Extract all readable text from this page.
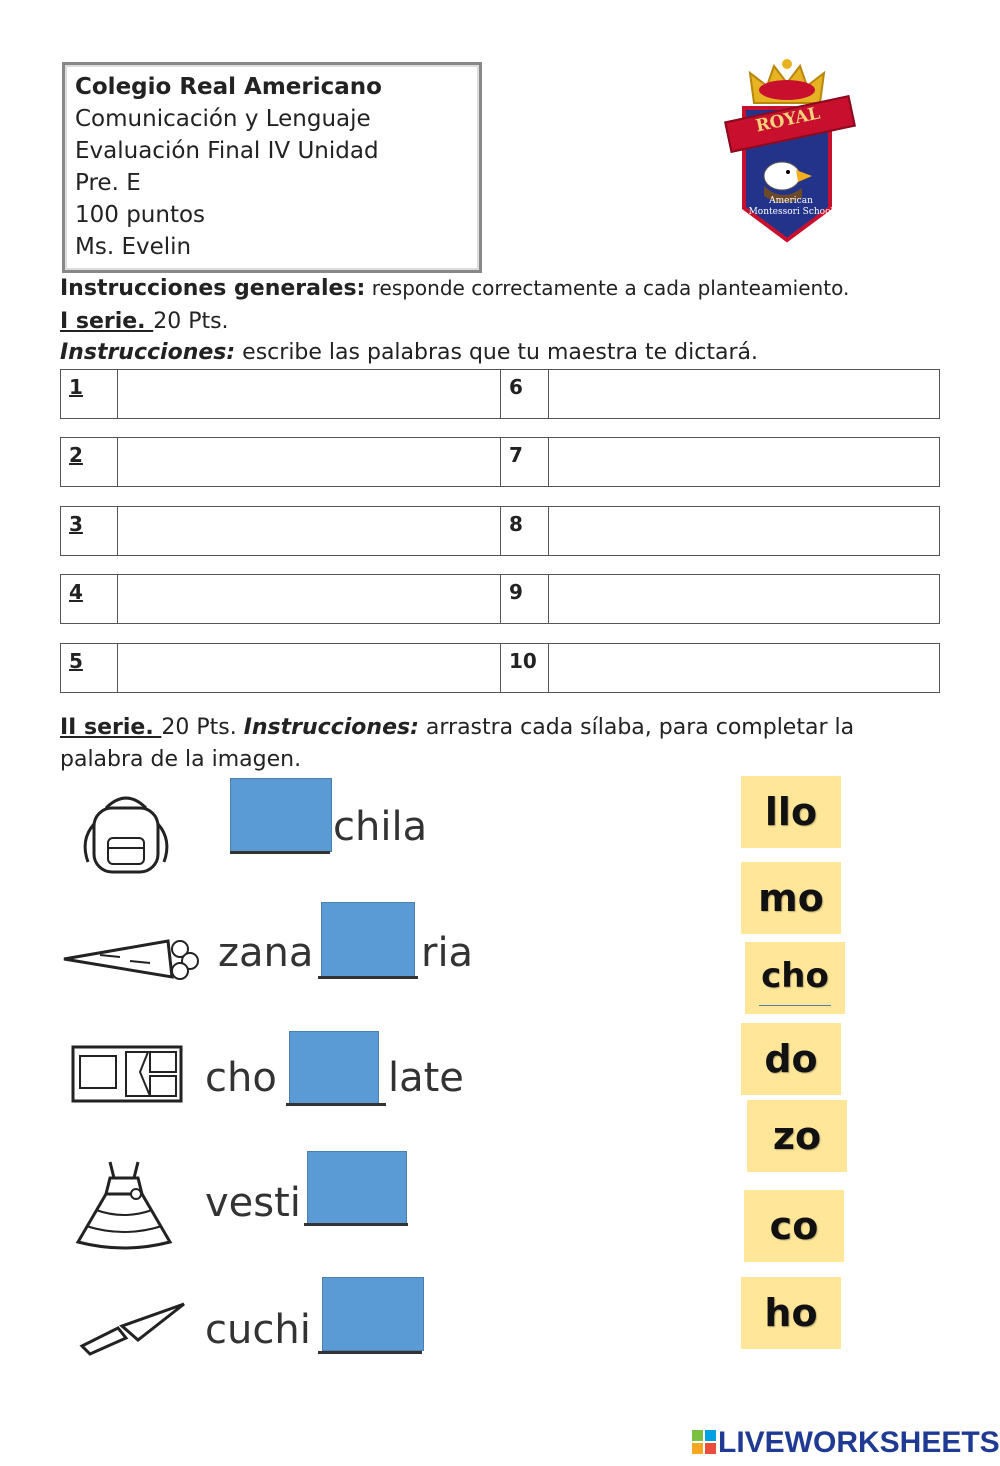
Colegio Real Americano
Comunicación y Lenguaje
Evaluación Final IV Unidad
Pre. E
100 puntos
Ms. Evelin
ROYAL
American
Montessori School
Instrucciones generales: responde correctamente a cada planteamiento.
I serie. 20 Pts.
Instrucciones: escribe las palabras que tu maestra te dictará.
1	6
2	7
3	8
4	9
5	10
II serie. 20 Pts. Instrucciones: arrastra cada sílaba, para completar la
palabra de la imagen.
chila
zana	ria
cho	late
vesti
cuchi
llo
mo
cho
do
zo
co
ho
LIVEWORKSHEETS
